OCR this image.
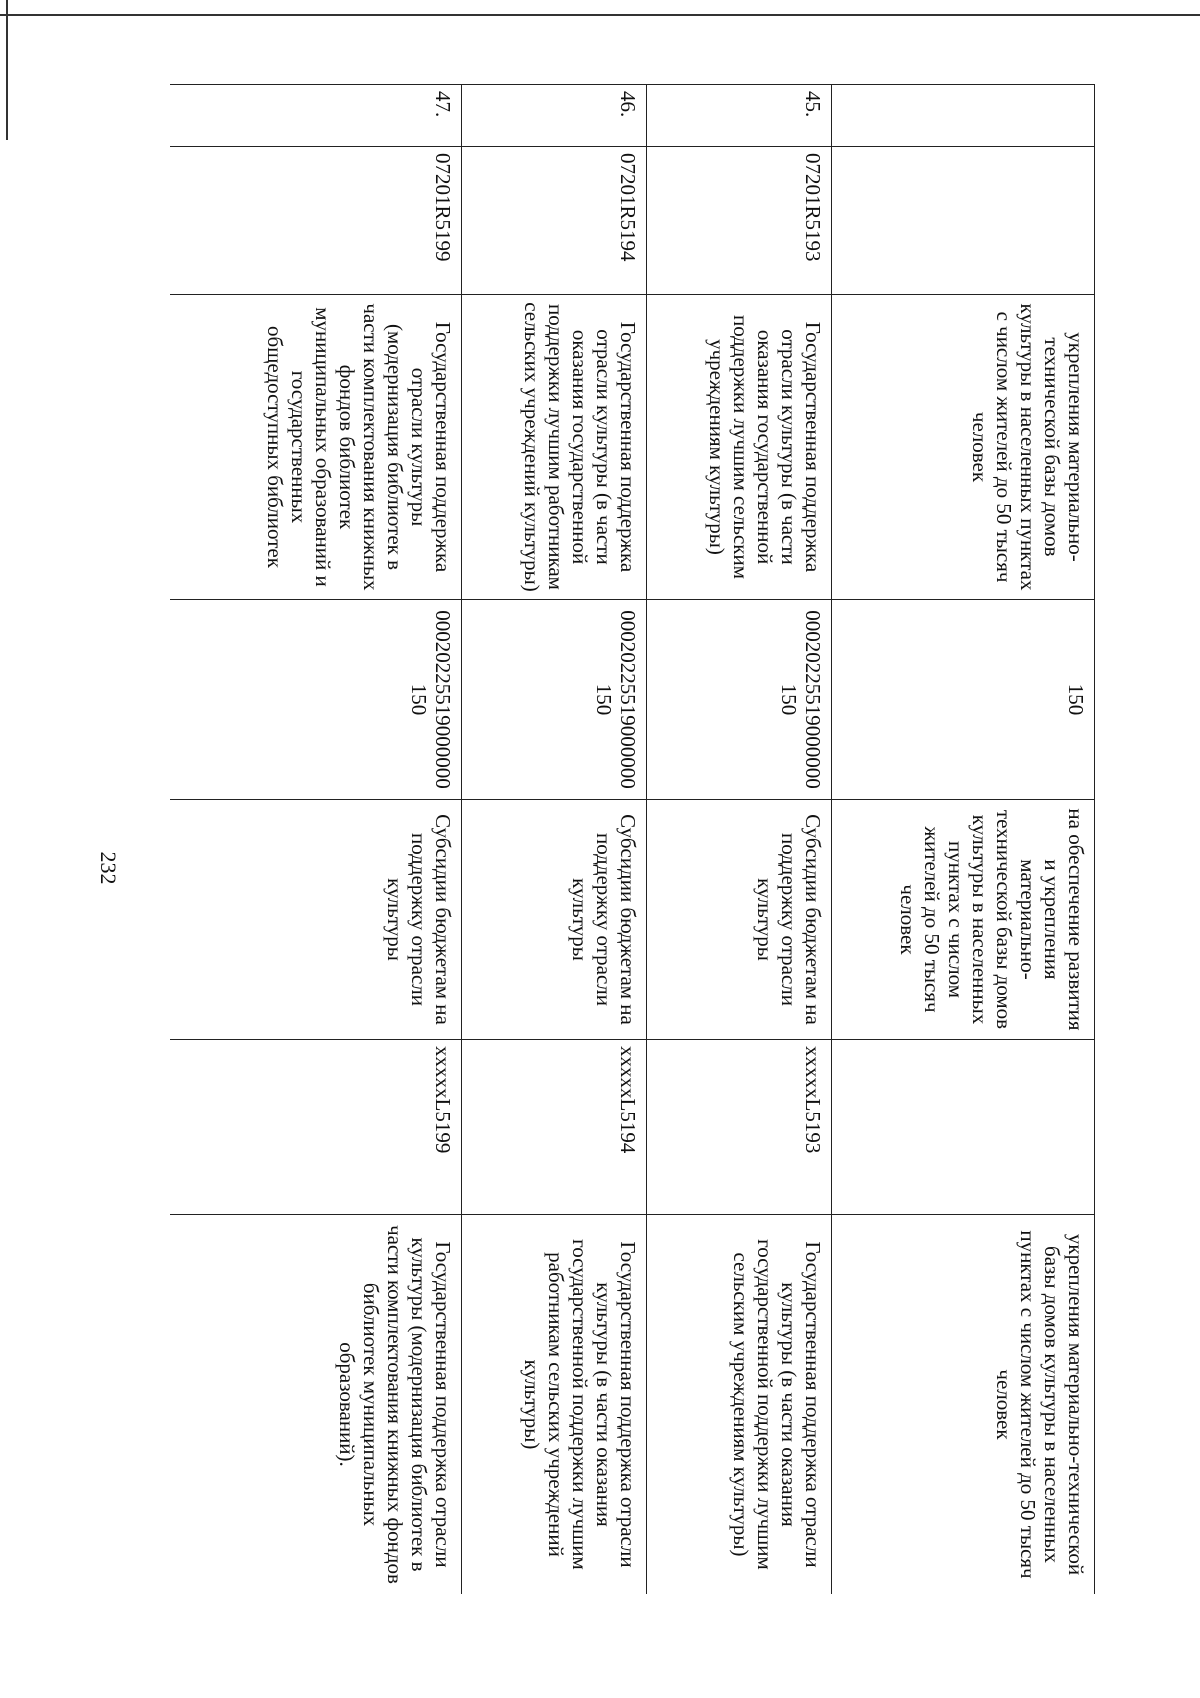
232
		укрепления материально-технической базы домов культуры в населенных пунктах с числом жителей до 50 тысяч человек	150	на обеспечение развития и укрепления материально-технической базы домов культуры в населенных пунктах с числом жителей до 50 тысяч человек		укрепления материально-технической базы домов культуры в населенных пунктах с числом жителей до 50 тысяч человек
45.	07201R5193	Государственная поддержка отрасли культуры (в части оказания государственной поддержки лучшим сельским учреждениям культуры)	00020225519000000 150	Субсидии бюджетам на поддержку отрасли культуры	xxxxxL5193	Государственная поддержка отрасли культуры (в части оказания государственной поддержки лучшим сельским учреждениям культуры)
46.	07201R5194	Государственная поддержка отрасли культуры (в части оказания государственной поддержки лучшим работникам сельских учреждений культуры)	00020225519000000 150	Субсидии бюджетам на поддержку отрасли культуры	xxxxxL5194	Государственная поддержка отрасли культуры (в части оказания государственной поддержки лучшим работникам сельских учреждений культуры)
47.	07201R5199	Государственная поддержка отрасли культуры (модернизация библиотек в части комплектования книжных фондов библиотек муниципальных образований и государственных общедоступных библиотек	00020225519000000 150	Субсидии бюджетам на поддержку отрасли культуры	xxxxxL5199	Государственная поддержка отрасли культуры (модернизация библиотек в части комплектования книжных фондов библиотек муниципальных образований).
